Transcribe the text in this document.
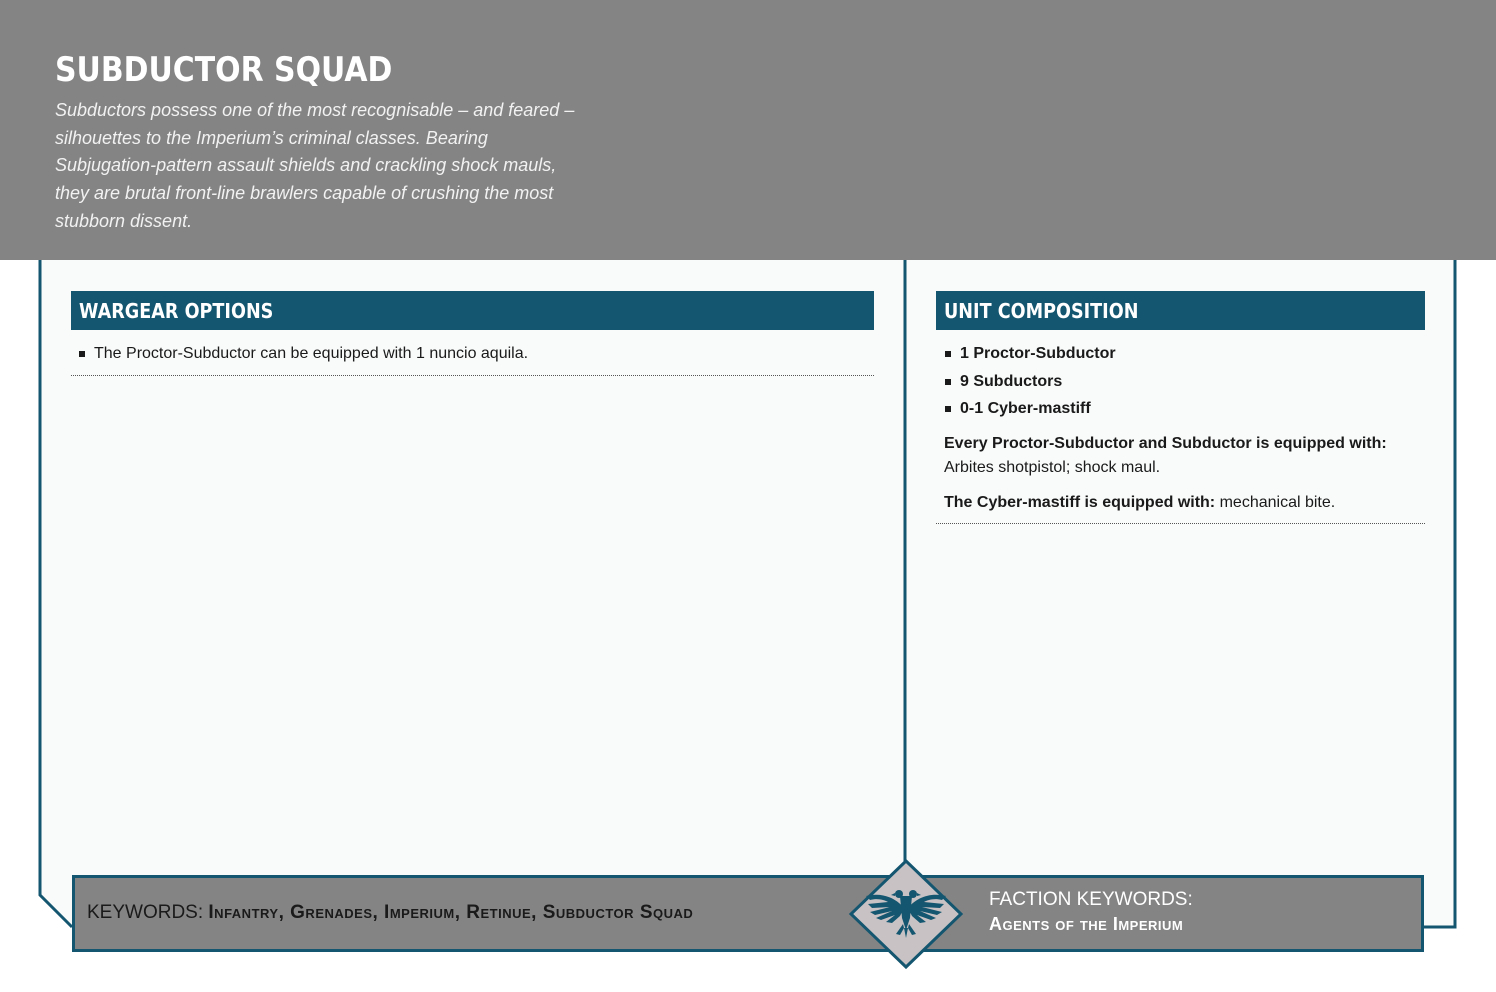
SUBDUCTOR SQUAD
Subductors possess one of the most recognisable – and feared – silhouettes to the Imperium’s criminal classes. Bearing Subjugation-pattern assault shields and crackling shock mauls, they are brutal front-line brawlers capable of crushing the most stubborn dissent.
WARGEAR OPTIONS
The Proctor-Subductor can be equipped with 1 nuncio aquila.
UNIT COMPOSITION
1 Proctor-Subductor
9 Subductors
0-1 Cyber-mastiff
Every Proctor-Subductor and Subductor is equipped with: Arbites shotpistol; shock maul.
The Cyber-mastiff is equipped with: mechanical bite.
KEYWORDS: Infantry, Grenades, Imperium, Retinue, Subductor Squad
FACTION KEYWORDS:
Agents of the Imperium
